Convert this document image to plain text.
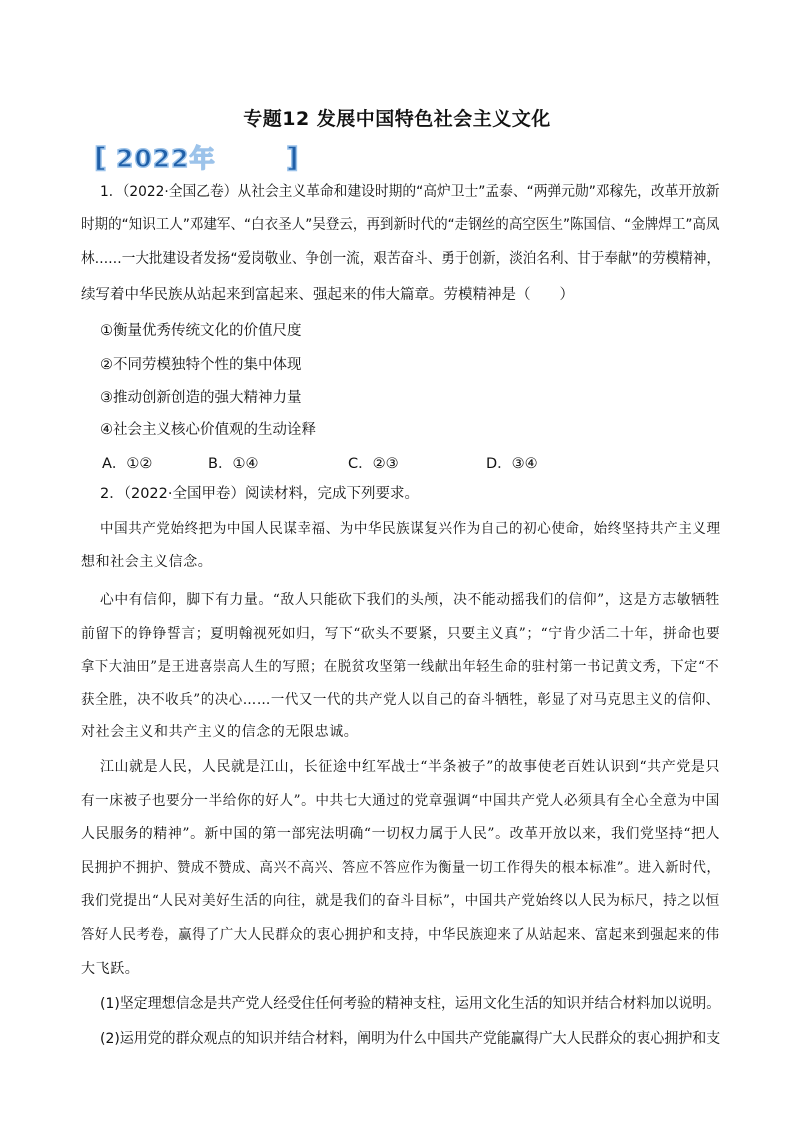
专题12 发展中国特色社会主义文化
[ 2022年	]
1．（2022·全国乙卷）从社会主义革命和建设时期的“高炉卫士”孟泰、“两弹元勋”邓稼先，改革开放新
时期的“知识工人”邓建军、“白衣圣人”吴登云，再到新时代的“走钢丝的高空医生”陈国信、“金牌焊工”高凤
林……一大批建设者发扬“爱岗敬业、争创一流，艰苦奋斗、勇于创新，淡泊名利、甘于奉献”的劳模精神，
续写着中华民族从站起来到富起来、强起来的伟大篇章。劳模精神是（　　）
①衡量优秀传统文化的价值尺度
②不同劳模独特个性的集中体现
③推动创新创造的强大精神力量
④社会主义核心价值观的生动诠释
A．①②	B．①④	C．②③	D．③④
2．（2022·全国甲卷）阅读材料，完成下列要求。
中国共产党始终把为中国人民谋幸福、为中华民族谋复兴作为自己的初心使命，始终坚持共产主义理
想和社会主义信念。
心中有信仰，脚下有力量。“敌人只能砍下我们的头颅，决不能动摇我们的信仰”，这是方志敏牺牲
前留下的铮铮誓言；夏明翰视死如归，写下“砍头不要紧，只要主义真”；“宁肯少活二十年，拼命也要
拿下大油田”是王进喜崇高人生的写照；在脱贫攻坚第一线献出年轻生命的驻村第一书记黄文秀，下定“不
获全胜，决不收兵”的决心……一代又一代的共产党人以自己的奋斗牺牲，彰显了对马克思主义的信仰、
对社会主义和共产主义的信念的无限忠诚。
江山就是人民，人民就是江山，长征途中红军战士“半条被子”的故事使老百姓认识到“共产党是只
有一床被子也要分一半给你的好人”。中共七大通过的党章强调“中国共产党人必须具有全心全意为中国
人民服务的精神”。新中国的第一部宪法明确“一切权力属于人民”。改革开放以来，我们党坚持“把人
民拥护不拥护、赞成不赞成、高兴不高兴、答应不答应作为衡量一切工作得失的根本标准”。进入新时代，
我们党提出“人民对美好生活的向往，就是我们的奋斗目标”，中国共产党始终以人民为标尺，持之以恒
答好人民考卷，赢得了广大人民群众的衷心拥护和支持，中华民族迎来了从站起来、富起来到强起来的伟
大飞跃。
(1)坚定理想信念是共产党人经受住任何考验的精神支柱，运用文化生活的知识并结合材料加以说明。
(2)运用党的群众观点的知识并结合材料，阐明为什么中国共产党能赢得广大人民群众的衷心拥护和支
